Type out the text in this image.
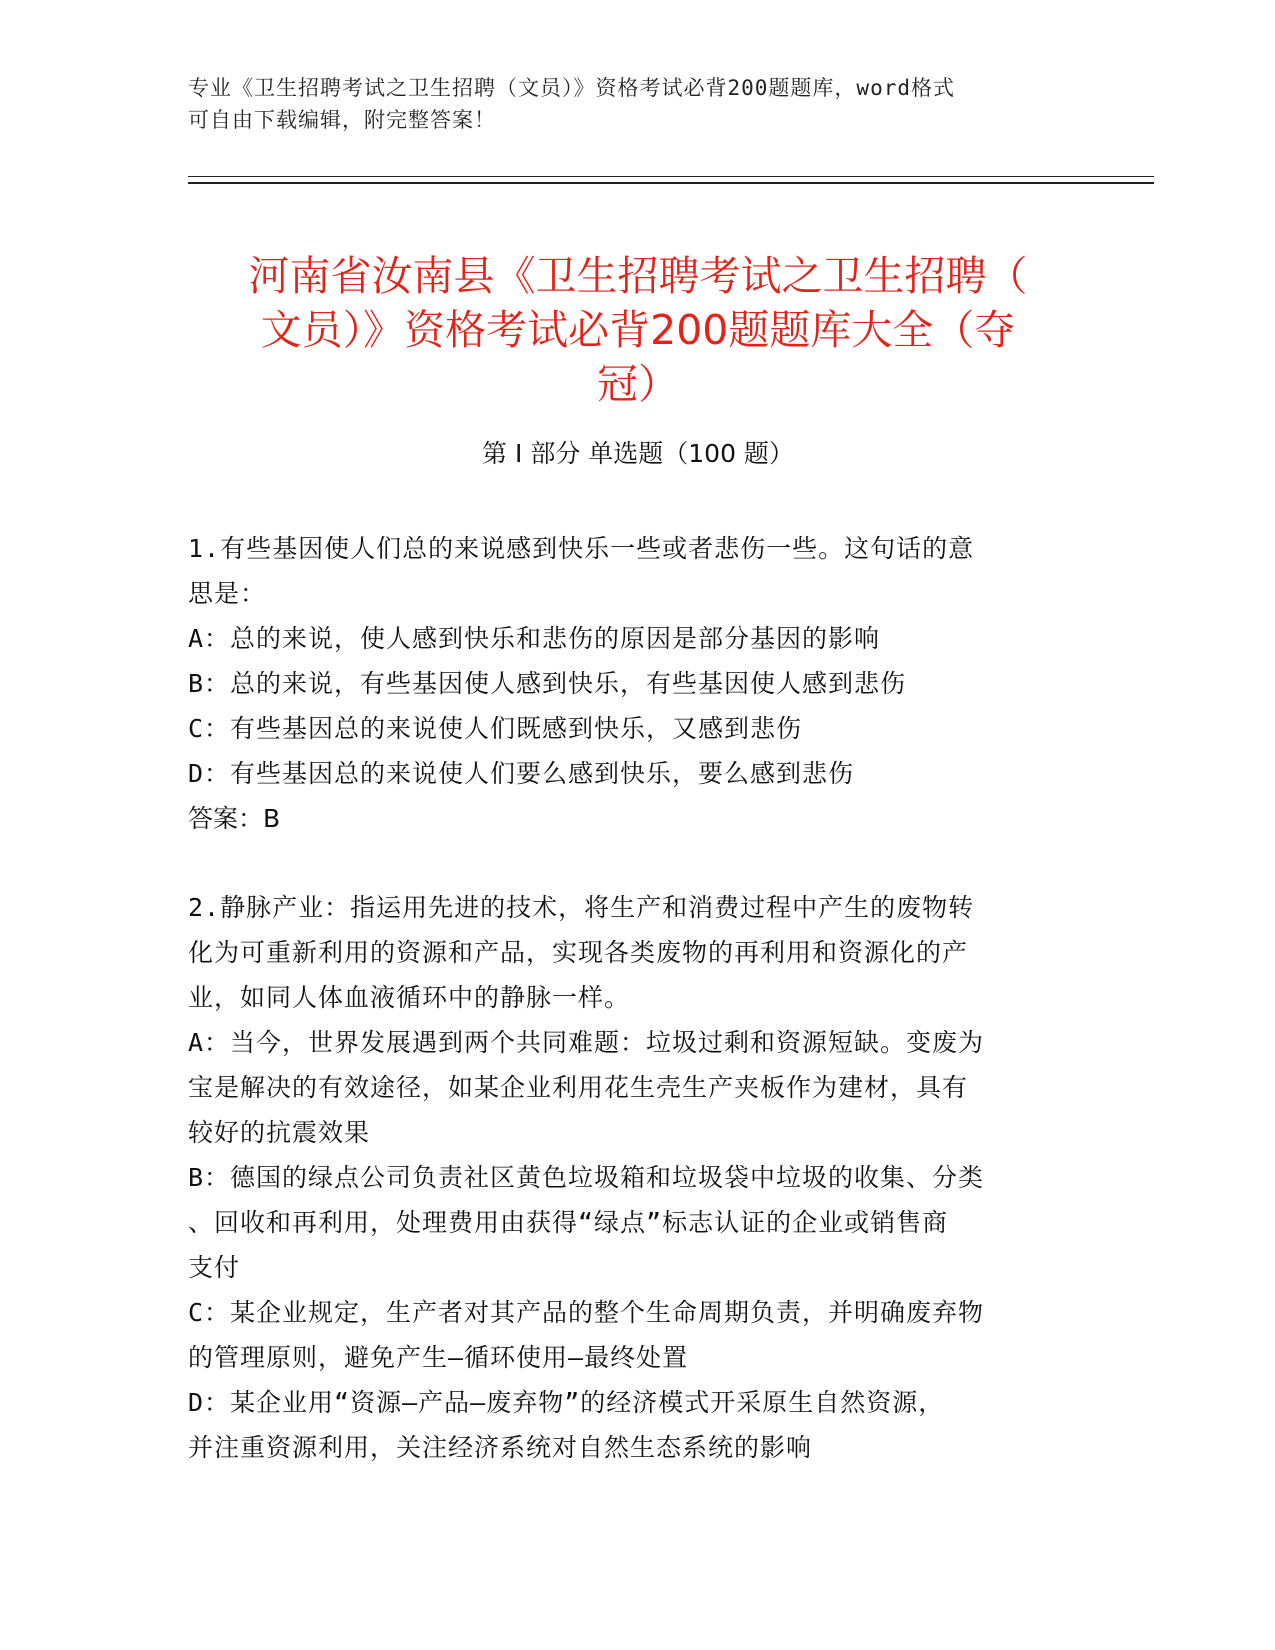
专业《卫生招聘考试之卫生招聘（文员）》资格考试必背200题题库，word格式
可自由下载编辑，附完整答案！
河南省汝南县《卫生招聘考试之卫生招聘（
文员）》资格考试必背200题题库大全（夺
冠）
第 I 部分 单选题（100 题）
1.有些基因使人们总的来说感到快乐一些或者悲伤一些。这句话的意
思是：
A：总的来说，使人感到快乐和悲伤的原因是部分基因的影响
B：总的来说，有些基因使人感到快乐，有些基因使人感到悲伤
C：有些基因总的来说使人们既感到快乐，又感到悲伤
D：有些基因总的来说使人们要么感到快乐，要么感到悲伤
答案：B
2.静脉产业：指运用先进的技术，将生产和消费过程中产生的废物转
化为可重新利用的资源和产品，实现各类废物的再利用和资源化的产
业，如同人体血液循环中的静脉一样。
A：当今，世界发展遇到两个共同难题：垃圾过剩和资源短缺。变废为
宝是解决的有效途径，如某企业利用花生壳生产夹板作为建材，具有
较好的抗震效果
B：德国的绿点公司负责社区黄色垃圾箱和垃圾袋中垃圾的收集、分类
、回收和再利用，处理费用由获得“绿点”标志认证的企业或销售商
支付
C：某企业规定，生产者对其产品的整个生命周期负责，并明确废弃物
的管理原则，避免产生—循环使用—最终处置
D：某企业用“资源—产品—废弃物”的经济模式开采原生自然资源，
并注重资源利用，关注经济系统对自然生态系统的影响
